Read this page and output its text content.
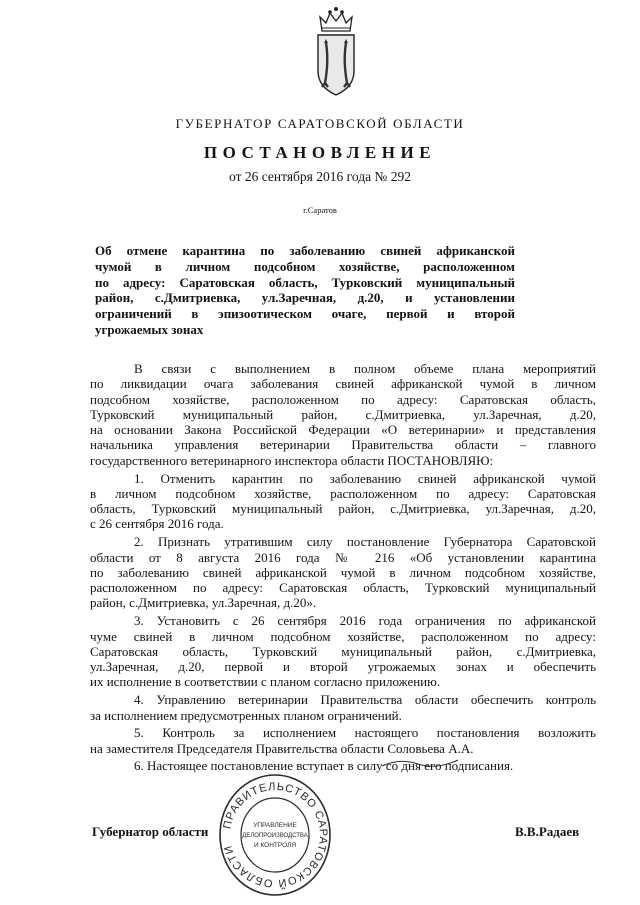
ГУБЕРНАТОР САРАТОВСКОЙ ОБЛАСТИ
ПОСТАНОВЛЕНИЕ
от 26 сентября 2016 года № 292
г.Саратов
Об отмене карантина по заболеванию свиней африканской
чумой в личном подсобном хозяйстве, расположенном
по адресу: Саратовская область, Турковский муниципальный
район, с.Дмитриевка, ул.Заречная, д.20, и установлении
ограничений в эпизоотическом очаге, первой и второй
угрожаемых зонах
В связи с выполнением в полном объеме плана мероприятий
по ликвидации очага заболевания свиней африканской чумой в личном
подсобном хозяйстве, расположенном по адресу: Саратовская область,
Турковский муниципальный район, с.Дмитриевка, ул.Заречная, д.20,
на основании Закона Российской Федерации «О ветеринарии» и представления
начальника управления ветеринарии Правительства области – главного
государственного ветеринарного инспектора области ПОСТАНОВЛЯЮ:
1. Отменить карантин по заболеванию свиней африканской чумой
в личном подсобном хозяйстве, расположенном по адресу: Саратовская
область, Турковский муниципальный район, с.Дмитриевка, ул.Заречная, д.20,
с 26 сентября 2016 года.
2. Признать утратившим силу постановление Губернатора Саратовской
области от 8 августа 2016 года № 216 «Об установлении карантина
по заболеванию свиней африканской чумой в личном подсобном хозяйстве,
расположенном по адресу: Саратовская область, Турковский муниципальный
район, с.Дмитриевка, ул.Заречная, д.20».
3. Установить с 26 сентября 2016 года ограничения по африканской
чуме свиней в личном подсобном хозяйстве, расположенном по адресу:
Саратовская область, Турковский муниципальный район, с.Дмитриевка,
ул.Заречная, д.20, первой и второй угрожаемых зонах и обеспечить
их исполнение в соответствии с планом согласно приложению.
4. Управлению ветеринарии Правительства области обеспечить контроль
за исполнением предусмотренных планом ограничений.
5. Контроль за исполнением настоящего постановления возложить
на заместителя Председателя Правительства области Соловьева А.А.
6. Настоящее постановление вступает в силу со дня его подписания.
Губернатор области ПРАВИТЕЛЬСТВО САРАТОВСКОЙ ОБЛАСТИ
УПРАВЛЕНИЕ
ДЕЛОПРОИЗВОДСТВА
И КОНТРОЛЯ
В.В.Радаев
